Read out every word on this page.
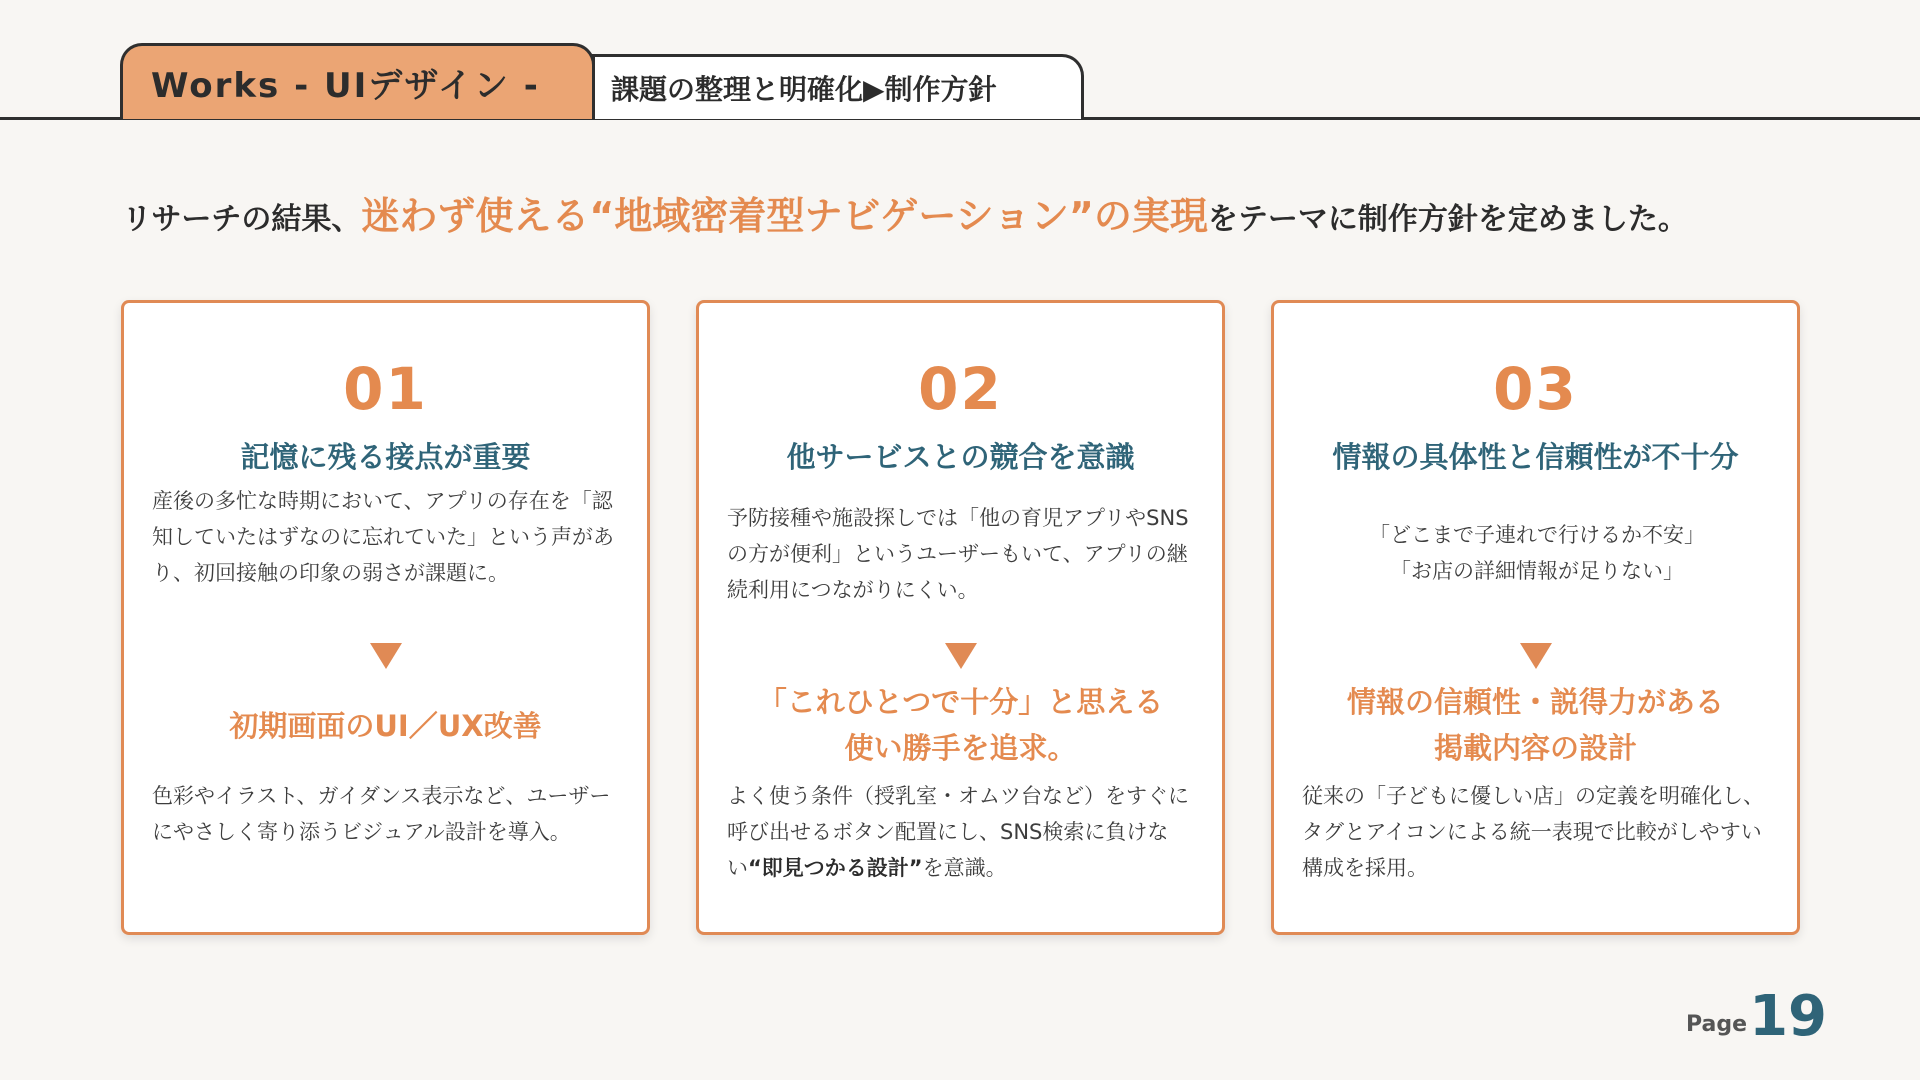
Works - UIデザイン -	課題の整理と明確化▶制作方針
リサーチの結果、迷わず使える“地域密着型ナビゲーション”の実現をテーマに制作方針を定めました。
01
記憶に残る接点が重要
産後の多忙な時期において、アプリの存在を「認知していたはずなのに忘れていた」という声があり、初回接触の印象の弱さが課題に。
初期画面のUI／UX改善
色彩やイラスト、ガイダンス表示など、ユーザーにやさしく寄り添うビジュアル設計を導入。
02
他サービスとの競合を意識
予防接種や施設探しでは「他の育児アプリやSNSの方が便利」というユーザーもいて、アプリの継続利用につながりにくい。
「これひとつで十分」と思える
使い勝手を追求。
よく使う条件（授乳室・オムツ台など）をすぐに呼び出せるボタン配置にし、SNS検索に負けない“即見つかる設計”を意識。
03
情報の具体性と信頼性が不十分
「どこまで子連れで行けるか不安」
「お店の詳細情報が足りない」
情報の信頼性・説得力がある
掲載内容の設計
従来の「子どもに優しい店」の定義を明確化し、タグとアイコンによる統一表現で比較がしやすい構成を採用。
Page 19
